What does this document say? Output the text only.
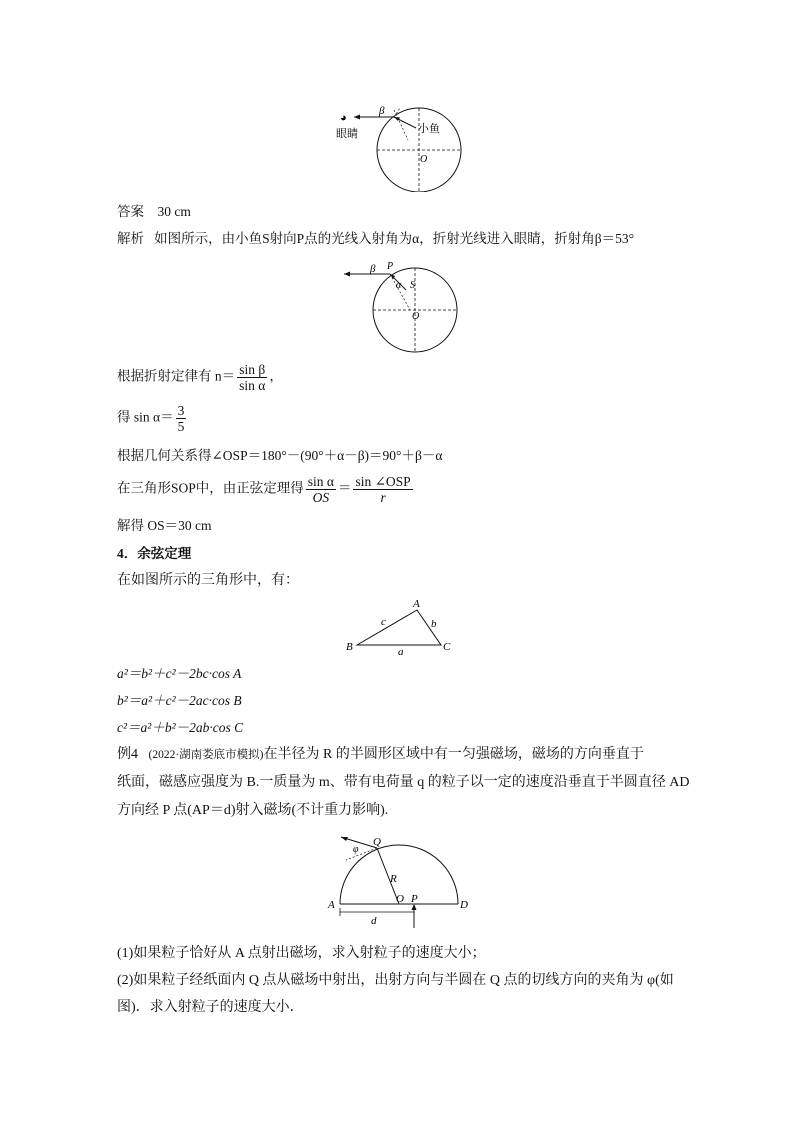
β
◕
眼睛	小鱼
O
答案 30 cm
解析 如图所示，由小鱼S射向P点的光线入射角为α，折射光线进入眼睛，折射角β＝53°
β P
α S
O
根据折射定律有 $n= \frac{\text{sin β}}{\text{sin α}}$ ，
得 $\sin \alpha= \frac{3}{5}$
根据几何关系得∠OSP＝180°－(90°＋α－β)＝90°＋β－α
在三角形SOP中，由正弦定理得 $\frac{\text{sin α}}{OS} = \frac{\text{sin ∠OSP}}{r}$
解得 OS＝30 cm
4．余弦定理
在如图所示的三角形中，有：
A
B	C
c	b
a
a²＝b²＋c²－2bc·cos A
b²＝a²＋c²－2ac·cos B
c²＝a²＋b²－2ab·cos C
例4 (2022·湖南娄底市模拟)在半径为 R 的半圆形区域中有一匀强磁场，磁场的方向垂直于
纸面，磁感应强度为 B.一质量为 m、带有电荷量 q 的粒子以一定的速度沿垂直于半圆直径 AD
方向经 P 点(AP＝d)射入磁场(不计重力影响).
Q
φ
R
A	O P	D
d
(1)如果粒子恰好从 A 点射出磁场，求入射粒子的速度大小；
(2)如果粒子经纸面内 Q 点从磁场中射出，出射方向与半圆在 Q 点的切线方向的夹角为 φ(如
图)．求入射粒子的速度大小．
